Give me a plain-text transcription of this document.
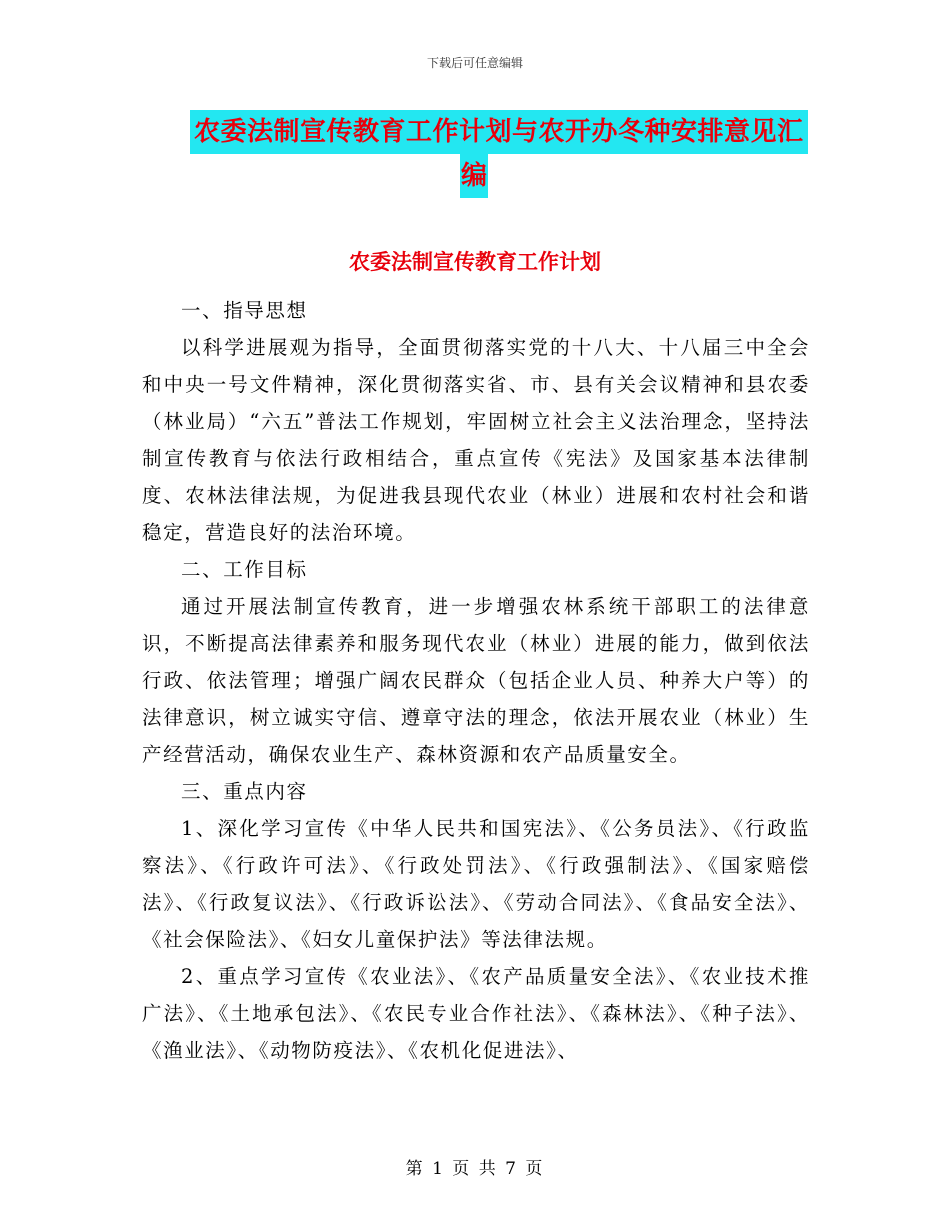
下载后可任意编辑
农委法制宣传教育工作计划与农开办冬种安排意见汇
编
农委法制宣传教育工作计划

一、指导思想

以科学进展观为指导，全面贯彻落实党的十八大、十八届三中全会和中央一号文件精神，深化贯彻落实省、市、县有关会议精神和县农委（林业局）“六五”普法工作规划，牢固树立社会主义法治理念，坚持法制宣传教育与依法行政相结合，重点宣传《宪法》及国家基本法律制度、农林法律法规，为促进我县现代农业（林业）进展和农村社会和谐稳定，营造良好的法治环境。

二、工作目标

通过开展法制宣传教育，进一步增强农林系统干部职工的法律意识，不断提高法律素养和服务现代农业（林业）进展的能力，做到依法行政、依法管理；增强广阔农民群众（包括企业人员、种养大户等）的法律意识，树立诚实守信、遵章守法的理念，依法开展农业（林业）生产经营活动，确保农业生产、森林资源和农产品质量安全。

三、重点内容

1、深化学习宣传《中华人民共和国宪法》、《公务员法》、《行政监察法》、《行政许可法》、《行政处罚法》、《行政强制法》、《国家赔偿法》、《行政复议法》、《行政诉讼法》、《劳动合同法》、《食品安全法》、《社会保险法》、《妇女儿童保护法》等法律法规。

2、重点学习宣传《农业法》、《农产品质量安全法》、《农业技术推广法》、《土地承包法》、《农民专业合作社法》、《森林法》、《种子法》、《渔业法》、《动物防疫法》、《农机化促进法》、

第 1 页 共 7 页
